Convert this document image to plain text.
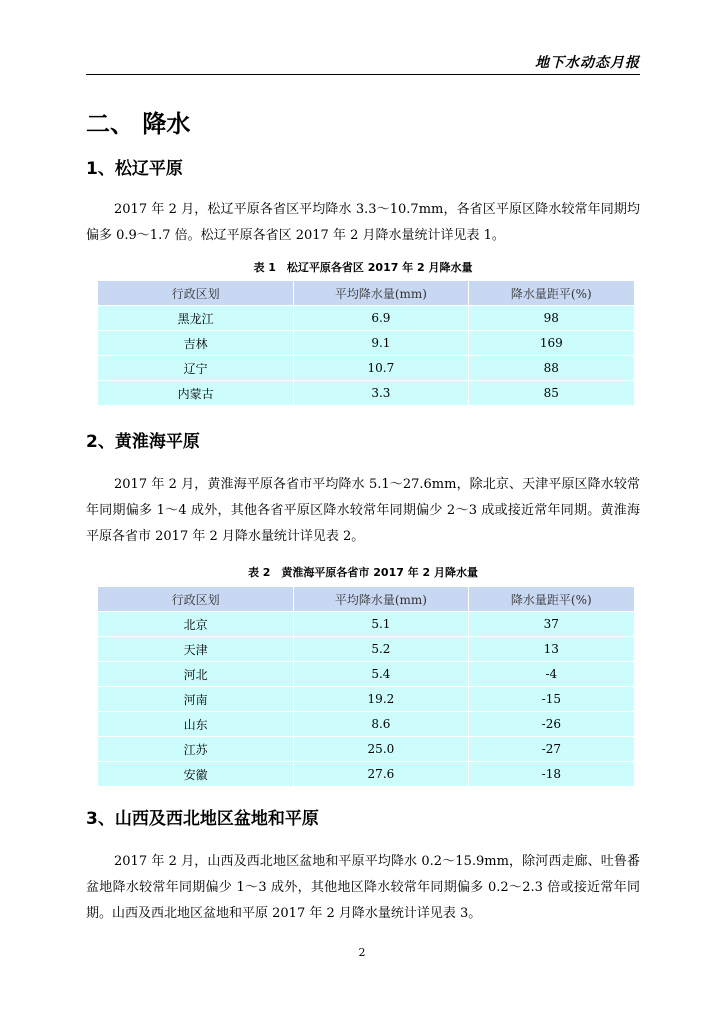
地下水动态月报
二、 降水
1、松辽平原
2017 年 2 月，松辽平原各省区平均降水 3.3～10.7mm，各省区平原区降水较常年同期均偏多 0.9～1.7 倍。松辽平原各省区 2017 年 2 月降水量统计详见表 1。
表 1　松辽平原各省区 2017 年 2 月降水量
行政区划	平均降水量(mm)	降水量距平(%)
黑龙江	6.9	98
吉林	9.1	169
辽宁	10.7	88
内蒙古	3.3	85
2、黄淮海平原
2017 年 2 月，黄淮海平原各省市平均降水 5.1～27.6mm，除北京、天津平原区降水较常年同期偏多 1～4 成外，其他各省平原区降水较常年同期偏少 2～3 成或接近常年同期。黄淮海平原各省市 2017 年 2 月降水量统计详见表 2。
表 2　黄淮海平原各省市 2017 年 2 月降水量
行政区划	平均降水量(mm)	降水量距平(%)
北京	5.1	37
天津	5.2	13
河北	5.4	-4
河南	19.2	-15
山东	8.6	-26
江苏	25.0	-27
安徽	27.6	-18
3、山西及西北地区盆地和平原
2017 年 2 月，山西及西北地区盆地和平原平均降水 0.2～15.9mm，除河西走廊、吐鲁番盆地降水较常年同期偏少 1～3 成外，其他地区降水较常年同期偏多 0.2～2.3 倍或接近常年同期。山西及西北地区盆地和平原 2017 年 2 月降水量统计详见表 3。
2
